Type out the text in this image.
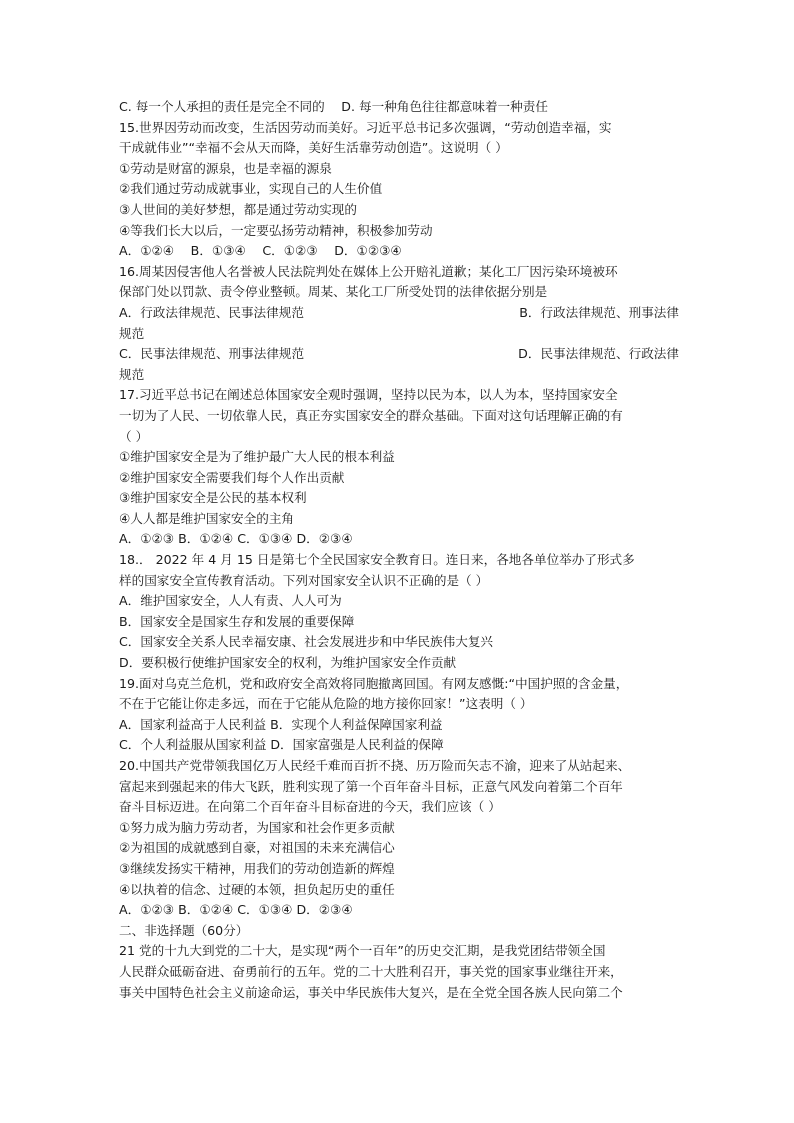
C. 每一个人承担的责任是完全不同的　 D. 每一种角色往往都意味着一种责任
15.世界因劳动而改变，生活因劳动而美好。习近平总书记多次强调，“劳动创造幸福，实
干成就伟业”“幸福不会从天而降，美好生活靠劳动创造”。这说明（ ）
①劳动是财富的源泉，也是幸福的源泉
②我们通过劳动成就事业，实现自己的人生价值
③人世间的美好梦想，都是通过劳动实现的
④等我们长大以后，一定要弘扬劳动精神，积极参加劳动
A．①②④　 B．①③④　 C．①②③　 D．①②③④
16.周某因侵害他人名誉被人民法院判处在媒体上公开赔礼道歉；某化工厂因污染环境被环
保部门处以罚款、责令停业整顿。周某、某化工厂所受处罚的法律依据分别是
A．行政法律规范、民事法律规范	B．行政法律规范、刑事法律
规范
C．民事法律规范、刑事法律规范	D．民事法律规范、行政法律
规范
17.习近平总书记在阐述总体国家安全观时强调，坚持以民为本，以人为本，坚持国家安全
一切为了人民、一切依靠人民，真正夯实国家安全的群众基础。下面对这句话理解正确的有
（ ）
①维护国家安全是为了维护最广大人民的根本利益
②维护国家安全需要我们每个人作出贡献
③维护国家安全是公民的基本权利
④人人都是维护国家安全的主角
A．①②③ B．①②④ C．①③④ D．②③④
18.． 2022 年 4 月 15 日是第七个全民国家安全教育日。连日来，各地各单位举办了形式多
样的国家安全宣传教育活动。下列对国家安全认识不正确的是（ ）
A．维护国家安全，人人有责、人人可为
B．国家安全是国家生存和发展的重要保障
C．国家安全关系人民幸福安康、社会发展进步和中华民族伟大复兴
D．要积极行使维护国家安全的权利，为维护国家安全作贡献
19.面对乌克兰危机，党和政府安全高效将同胞撤离回国。有网友感慨:“中国护照的含金量，
不在于它能让你走多远，而在于它能从危险的地方接你回家！”这表明（ ）
A．国家利益高于人民利益 B．实现个人利益保障国家利益
C．个人利益服从国家利益 D．国家富强是人民利益的保障
20.中国共产党带领我国亿万人民经千难而百折不挠、历万险而矢志不渝，迎来了从站起来、
富起来到强起来的伟大飞跃，胜利实现了第一个百年奋斗目标，正意气风发向着第二个百年
奋斗目标迈进。在向第二个百年奋斗目标奋进的今天，我们应该（ ）
①努力成为脑力劳动者，为国家和社会作更多贡献
②为祖国的成就感到自豪，对祖国的未来充满信心
③继续发扬实干精神，用我们的劳动创造新的辉煌
④以执着的信念、过硬的本领，担负起历史的重任
A．①②③ B．①②④ C．①③④ D．②③④
二、非选择题（60分）
21 党的十九大到党的二十大，是实现“两个一百年”的历史交汇期，是我党团结带领全国
人民群众砥砺奋进、奋勇前行的五年。党的二十大胜利召开，事关党的国家事业继往开来，
事关中国特色社会主义前途命运，事关中华民族伟大复兴，是在全党全国各族人民向第二个
